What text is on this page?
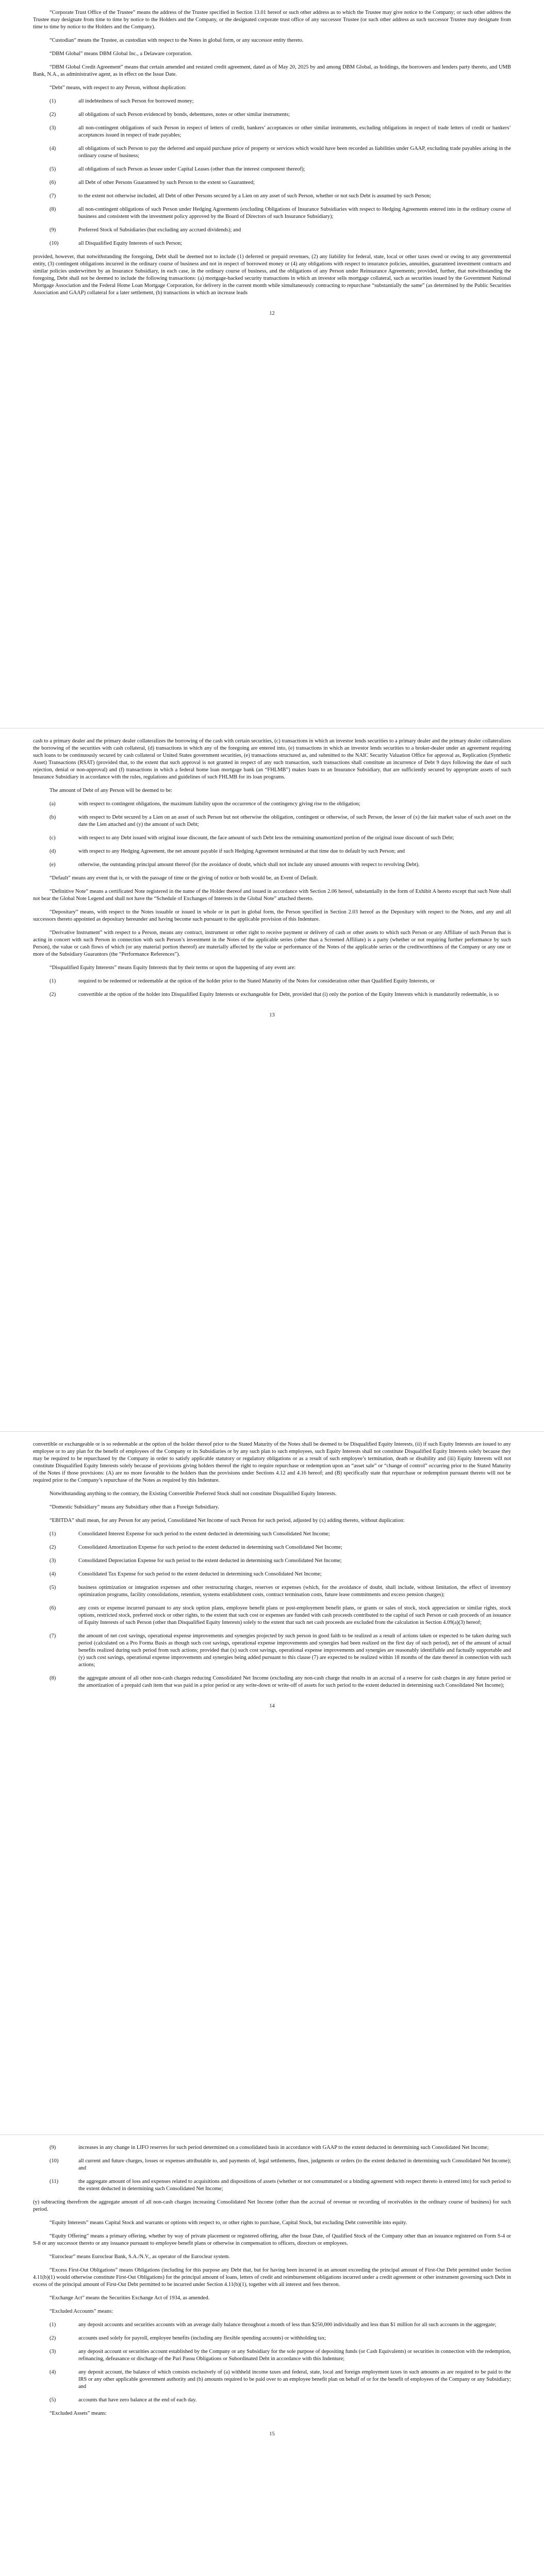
“Corporate Trust Office of the Trustee” means the address of the Trustee specified in Section 13.01 hereof or such other address as to which the Trustee may give notice to the Company; or such other address the Trustee may designate from time to time by notice to the Holders and the Company, or the designated corporate trust office of any successor Trustee (or such other address as such successor Trustee may designate from time to time by notice to the Holders and the Company).

“Custodian” means the Trustee, as custodian with respect to the Notes in global form, or any successor entity thereto.

“DBM Global” means DBM Global Inc., a Delaware corporation.

“DBM Global Credit Agreement” means that certain amended and restated credit agreement, dated as of May 20, 2025 by and among DBM Global, as holdings, the borrowers and lenders party thereto, and UMB Bank, N.A., as administrative agent, as in effect on the Issue Date.

“Debt” means, with respect to any Person, without duplication:

(1)	all indebtedness of such Person for borrowed money;
(2)	all obligations of such Person evidenced by bonds, debentures, notes or other similar instruments;
(3)	all non-contingent obligations of such Person in respect of letters of credit, bankers’ acceptances or other similar instruments, excluding obligations in respect of trade letters of credit or bankers’ acceptances issued in respect of trade payables;
(4)	all obligations of such Person to pay the deferred and unpaid purchase price of property or services which would have been recorded as liabilities under GAAP, excluding trade payables arising in the ordinary course of business;
(5)	all obligations of such Person as lessee under Capital Leases (other than the interest component thereof);
(6)	all Debt of other Persons Guaranteed by such Person to the extent so Guaranteed;
(7)	to the extent not otherwise included, all Debt of other Persons secured by a Lien on any asset of such Person, whether or not such Debt is assumed by such Person;
(8)	all non-contingent obligations of such Person under Hedging Agreements (excluding Obligations of Insurance Subsidiaries with respect to Hedging Agreements entered into in the ordinary course of business and consistent with the investment policy approved by the Board of Directors of such Insurance Subsidiary);
(9)	Preferred Stock of Subsidiaries (but excluding any accrued dividends); and
(10)	all Disqualified Equity Interests of such Person;

provided, however, that notwithstanding the foregoing, Debt shall be deemed not to include (1) deferred or prepaid revenues, (2) any liability for federal, state, local or other taxes owed or owing to any governmental entity, (3) contingent obligations incurred in the ordinary course of business and not in respect of borrowed money or (4) any obligations with respect to insurance policies, annuities, guaranteed investment contracts and similar policies underwritten by an Insurance Subsidiary, in each case, in the ordinary course of business, and the obligations of any Person under Reinsurance Agreements; provided, further, that notwithstanding the foregoing, Debt shall not be deemed to include the following transactions: (a) mortgage-backed security transactions in which an investor sells mortgage collateral, such as securities issued by the Government National Mortgage Association and the Federal Home Loan Mortgage Corporation, for delivery in the current month while simultaneously contracting to repurchase “substantially the same” (as determined by the Public Securities Association and GAAP) collateral for a later settlement, (b) transactions in which an increase leads

12

cash to a primary dealer and the primary dealer collateralizes the borrowing of the cash with certain securities, (c) transactions in which an investor lends securities to a primary dealer and the primary dealer collateralizes the borrowing of the securities with cash collateral, (d) transactions in which any of the foregoing are entered into, (e) transactions in which an investor lends securities to a broker-dealer under an agreement requiring such loans to be continuously secured by cash collateral or United States government securities, (e) transactions structured as, and submitted to the NAIC Security Valuation Office for approval as, Replication (Synthetic Asset) Transactions (RSAT) (provided that, to the extent that such approval is not granted in respect of any such transaction, such transactions shall constitute an incurrence of Debt 9 days following the date of such rejection, denial or non-approval) and (f) transactions in which a federal home loan mortgage bank (an “FHLMB”) makes loans to an Insurance Subsidiary, that are sufficiently secured by appropriate assets of such Insurance Subsidiary in accordance with the rules, regulations and guidelines of such FHLMB for its loan programs.

The amount of Debt of any Person will be deemed to be:

(a)	with respect to contingent obligations, the maximum liability upon the occurrence of the contingency giving rise to the obligation;
(b)	with respect to Debt secured by a Lien on an asset of such Person but not otherwise the obligation, contingent or otherwise, of such Person, the lesser of (x) the fair market value of such asset on the date the Lien attached and (y) the amount of such Debt;
(c)	with respect to any Debt issued with original issue discount, the face amount of such Debt less the remaining unamortized portion of the original issue discount of such Debt;
(d)	with respect to any Hedging Agreement, the net amount payable if such Hedging Agreement terminated at that time due to default by such Person; and
(e)	otherwise, the outstanding principal amount thereof (for the avoidance of doubt, which shall not include any unused amounts with respect to revolving Debt).

“Default” means any event that is, or with the passage of time or the giving of notice or both would be, an Event of Default.

“Definitive Note” means a certificated Note registered in the name of the Holder thereof and issued in accordance with Section 2.06 hereof, substantially in the form of Exhibit A hereto except that such Note shall not bear the Global Note Legend and shall not have the “Schedule of Exchanges of Interests in the Global Note” attached thereto.

“Depositary” means, with respect to the Notes issuable or issued in whole or in part in global form, the Person specified in Section 2.03 hereof as the Depositary with respect to the Notes, and any and all successors thereto appointed as depositary hereunder and having become such pursuant to the applicable provision of this Indenture.

“Derivative Instrument” with respect to a Person, means any contract, instrument or other right to receive payment or delivery of cash or other assets to which such Person or any Affiliate of such Person that is acting in concert with such Person in connection with such Person’s investment in the Notes of the applicable series (other than a Screened Affiliate) is a party (whether or not requiring further performance by such Person), the value or cash flows of which (or any material portion thereof) are materially affected by the value or performance of the Notes of the applicable series or the creditworthiness of the Company or any one or more of the Subsidiary Guarantors (the “Performance References”).

“Disqualified Equity Interests” means Equity Interests that by their terms or upon the happening of any event are:

(1)	required to be redeemed or redeemable at the option of the holder prior to the Stated Maturity of the Notes for consideration other than Qualified Equity Interests, or
(2)	convertible at the option of the holder into Disqualified Equity Interests or exchangeable for Debt, provided that (i) only the portion of the Equity Interests which is mandatorily redeemable, is so
13

convertible or exchangeable or is so redeemable at the option of the holder thereof prior to the Stated Maturity of the Notes shall be deemed to be Disqualified Equity Interests, (ii) if such Equity Interests are issued to any employee or to any plan for the benefit of employees of the Company or its Subsidiaries or by any such plan to such employees, such Equity Interests shall not constitute Disqualified Equity Interests solely because they may be required to be repurchased by the Company in order to satisfy applicable statutory or regulatory obligations or as a result of such employee’s termination, death or disability and (iii) Equity Interests will not constitute Disqualified Equity Interests solely because of provisions giving holders thereof the right to require repurchase or redemption upon an “asset sale” or “change of control” occurring prior to the Stated Maturity of the Notes if those provisions: (A) are no more favorable to the holders than the provisions under Sections 4.12 and 4.16 hereof; and (B) specifically state that repurchase or redemption pursuant thereto will not be required prior to the Company’s repurchase of the Notes as required by this Indenture.

Notwithstanding anything to the contrary, the Existing Convertible Preferred Stock shall not constitute Disqualified Equity Interests.

“Domestic Subsidiary” means any Subsidiary other than a Foreign Subsidiary.

“EBITDA” shall mean, for any Person for any period, Consolidated Net Income of such Person for such period, adjusted by (x) adding thereto, without duplication:

(1)	Consolidated Interest Expense for such period to the extent deducted in determining such Consolidated Net Income;
(2)	Consolidated Amortization Expense for such period to the extent deducted in determining such Consolidated Net Income;
(3)	Consolidated Depreciation Expense for such period to the extent deducted in determining such Consolidated Net Income;
(4)	Consolidated Tax Expense for such period to the extent deducted in determining such Consolidated Net Income;
(5)	business optimization or integration expenses and other restructuring charges, reserves or expenses (which, for the avoidance of doubt, shall include, without limitation, the effect of inventory optimization programs, facility consolidations, retention, systems establishment costs, contract termination costs, future lease commitments and excess pension charges);
(6)	any costs or expense incurred pursuant to any stock option plans, employee benefit plans or post-employment benefit plans, or grants or sales of stock, stock appreciation or similar rights, stock options, restricted stock, preferred stock or other rights, to the extent that such cost or expenses are funded with cash proceeds contributed to the capital of such Person or cash proceeds of an issuance of Equity Interests of such Person (other than Disqualified Equity Interests) solely to the extent that such net cash proceeds are excluded from the calculation in Section 4.09(a)(3) hereof;
(7)	the amount of net cost savings, operational expense improvements and synergies projected by such person in good faith to be realized as a result of actions taken or expected to be taken during such period (calculated on a Pro Forma Basis as though such cost savings, operational expense improvements and synergies had been realized on the first day of such period), net of the amount of actual benefits realized during such period from such actions; provided that (x) such cost savings, operational expense improvements and synergies are reasonably identifiable and factually supportable and (y) such cost savings, operational expense improvements and synergies being added pursuant to this clause (7) are expected to be realized within 18 months of the date thereof in connection with such actions;
(8)	the aggregate amount of all other non-cash charges reducing Consolidated Net Income (excluding any non-cash charge that results in an accrual of a reserve for cash charges in any future period or the amortization of a prepaid cash item that was paid in a prior period or any write-down or write-off of assets for such period to the extent deducted in determining such Consolidated Net Income);
14
(9)	increases in any change in LIFO reserves for such period determined on a consolidated basis in accordance with GAAP to the extent deducted in determining such Consolidated Net Income;
(10)	all current and future charges, losses or expenses attributable to, and payments of, legal settlements, fines, judgments or orders (to the extent deducted in determining such Consolidated Net Income); and
(11)	the aggregate amount of loss and expenses related to acquisitions and dispositions of assets (whether or not consummated or a binding agreement with respect thereto is entered into) for such period to the extent deducted in determining such Consolidated Net Income;

(y) subtracting therefrom the aggregate amount of all non-cash charges increasing Consolidated Net Income (other than the accrual of revenue or recording of receivables in the ordinary course of business) for such period.

“Equity Interests” means Capital Stock and warrants or options with respect to, or other rights to purchase, Capital Stock, but excluding Debt convertible into equity.

“Equity Offering” means a primary offering, whether by way of private placement or registered offering, after the Issue Date, of Qualified Stock of the Company other than an issuance registered on Form S-4 or S-8 or any successor thereto or any issuance pursuant to employee benefit plans or otherwise in compensation to officers, directors or employees.

“Euroclear” means Euroclear Bank, S.A./N.V., as operator of the Euroclear system.

“Excess First-Out Obligations” means Obligations (including for this purpose any Debt that, but for having been incurred in an amount exceeding the principal amount of First-Out Debt permitted under Section 4.11(b)(1) would otherwise constitute First-Out Obligations) for the principal amount of loans, letters of credit and reimbursement obligations incurred under a credit agreement or other instrument governing such Debt in excess of the principal amount of First-Out Debt permitted to be incurred under Section 4.11(b)(1), together with all interest and fees thereon.

“Exchange Act” means the Securities Exchange Act of 1934, as amended.

“Excluded Accounts” means:

(1)	any deposit accounts and securities accounts with an average daily balance throughout a month of less than $250,000 individually and less than $1 million for all such accounts in the aggregate;
(2)	accounts used solely for payroll, employee benefits (including any flexible spending accounts) or withholding tax;
(3)	any deposit account or securities account established by the Company or any Subsidiary for the sole purpose of depositing funds (or Cash Equivalents) or securities in connection with the redemption, refinancing, defeasance or discharge of the Pari Passu Obligations or Subordinated Debt in accordance with this Indenture;
(4)	any deposit account, the balance of which consists exclusively of (a) withheld income taxes and federal, state, local and foreign employment taxes in such amounts as are required to be paid to the IRS or any other applicable government authority and (b) amounts required to be paid over to an employee benefit plan on behalf of or for the benefit of employees of the Company or any Subsidiary; and
(5)	accounts that have zero balance at the end of each day.

“Excluded Assets” means:

15
